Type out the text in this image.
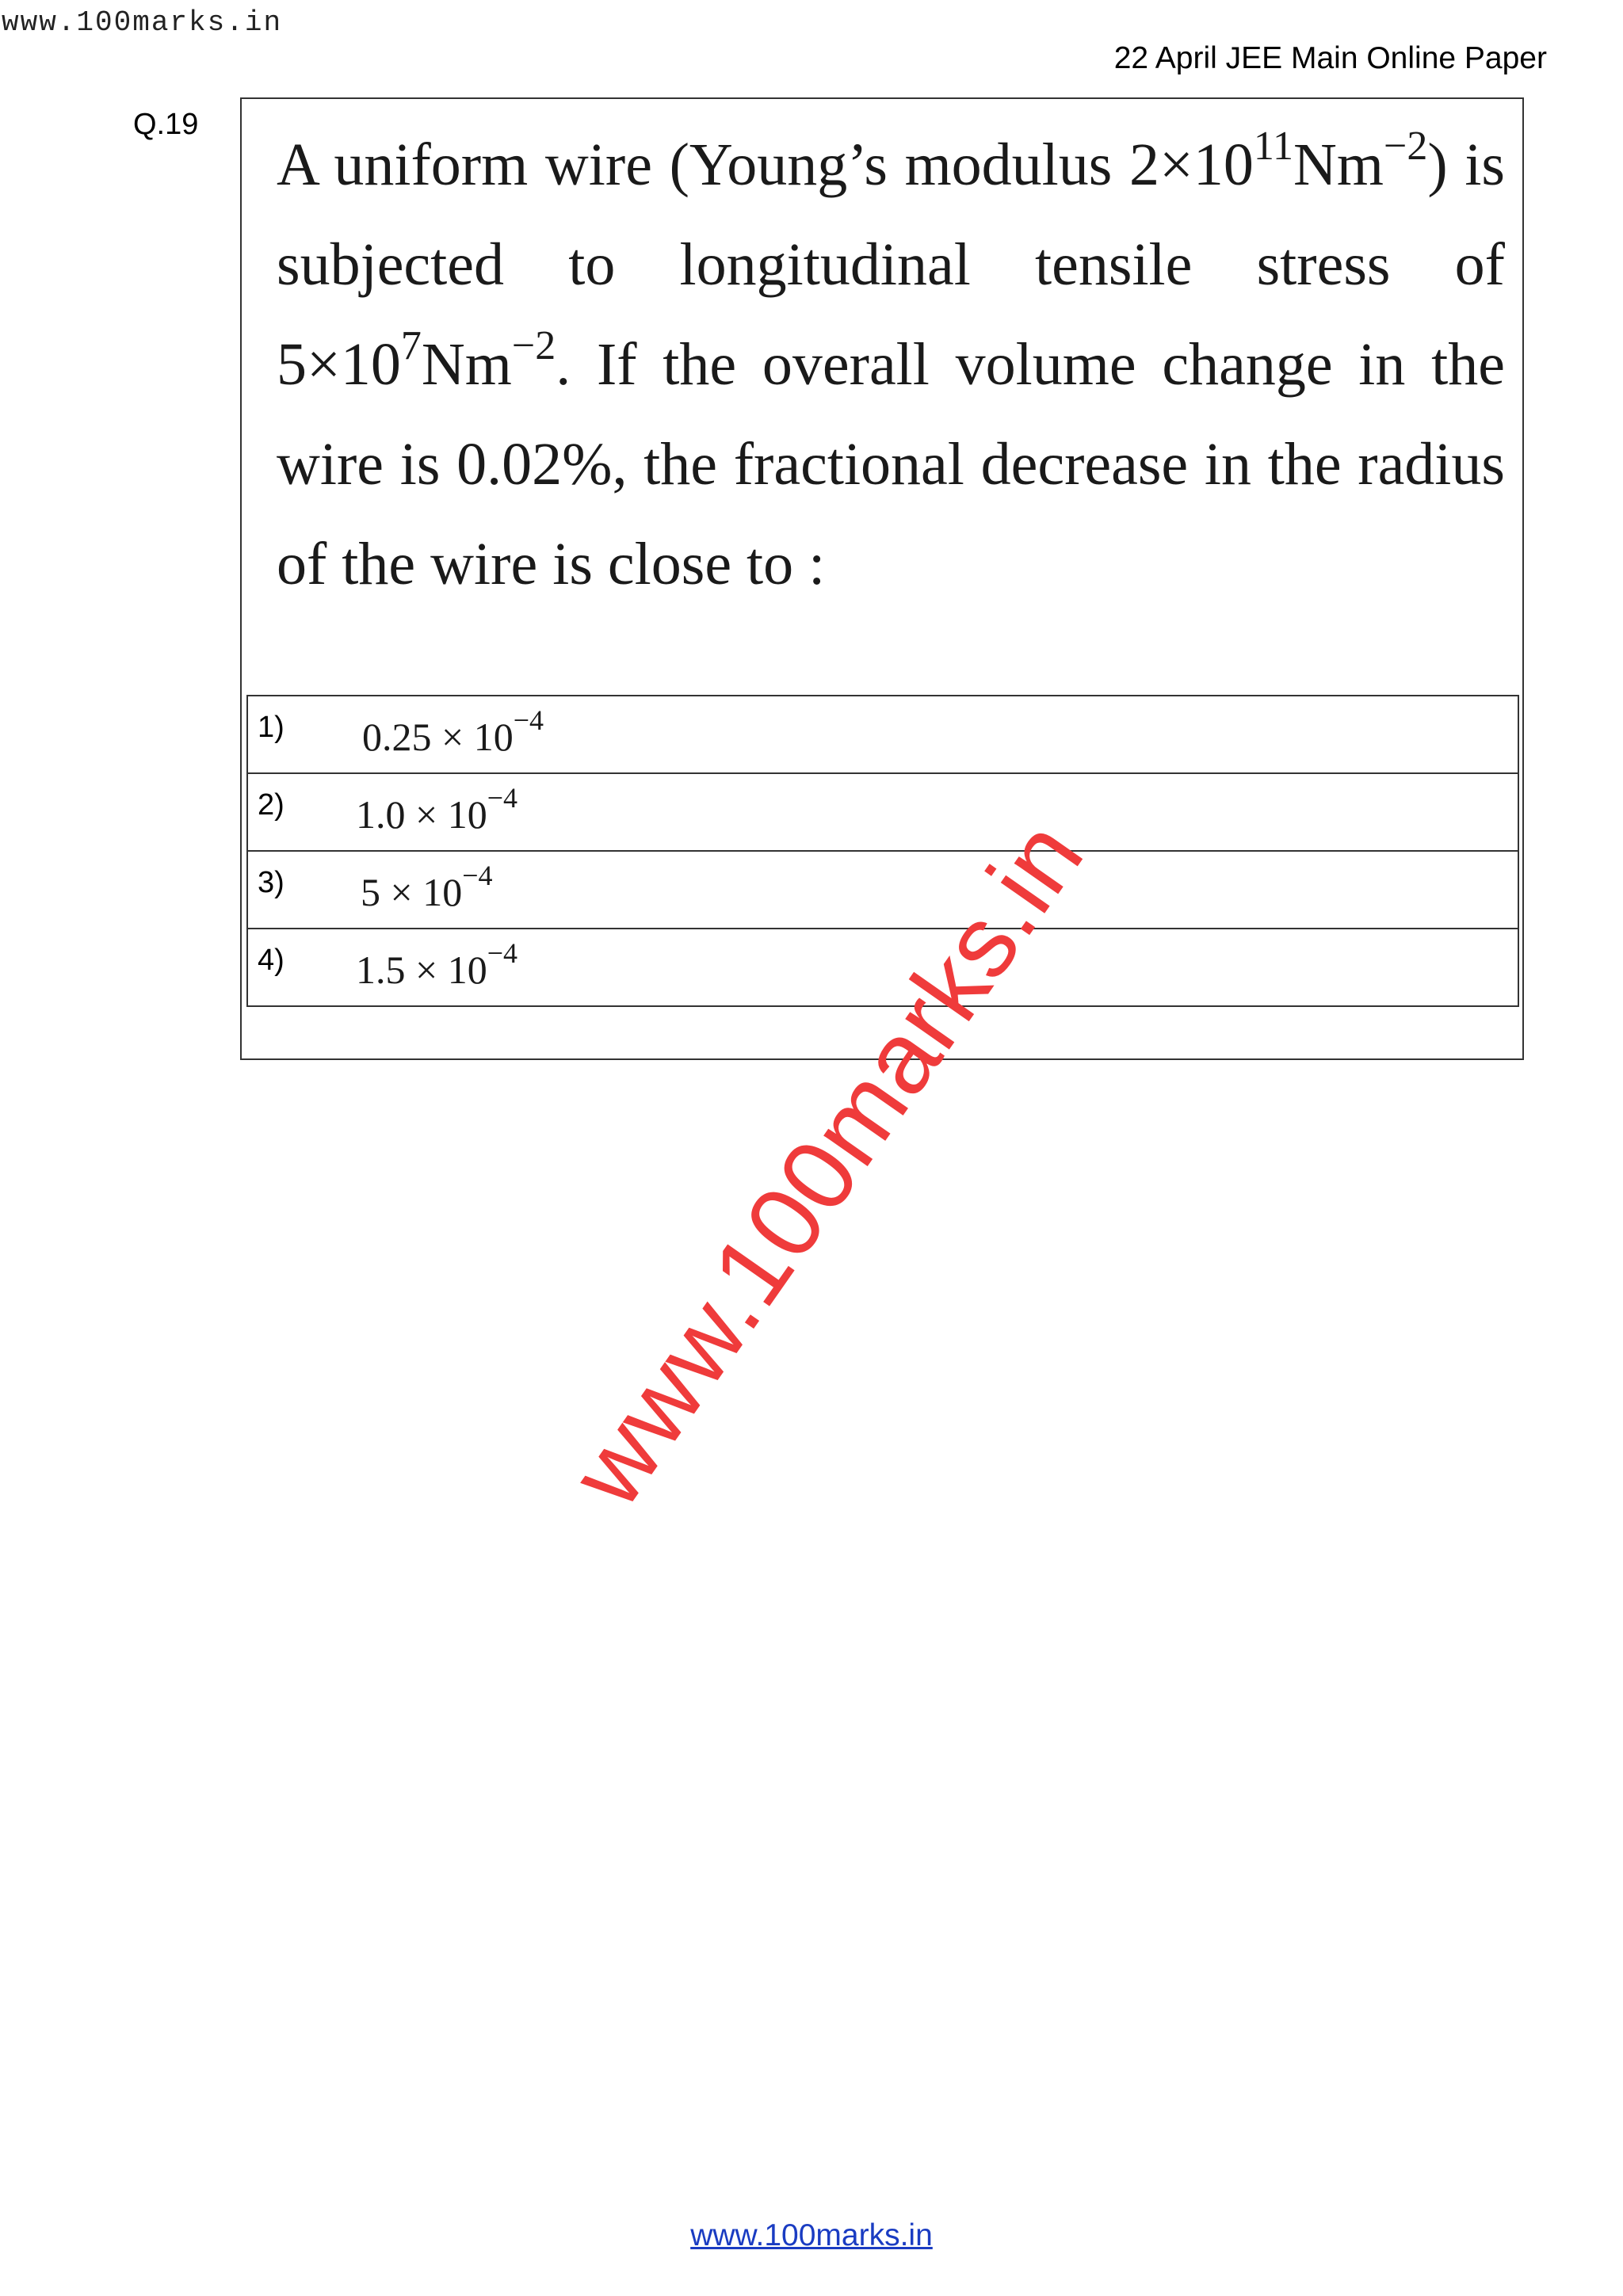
www.100marks.in
22 April JEE Main Online Paper
Q.19
A uniform wire (Young’s modulus $2\times 10^{11}Nm^{-2}$) is subjected to longitudinal tensile stress of $5\times 10^7Nm^{-2}$. If the overall volume change in the wire is 0.02%, the fractional decrease in the radius of the wire is close to :
1) $0.25 \times 10^{-4}$

2) $1.0 \times 10^{-4}$

3) $5 \times 10^{-4}$

4) $1.5 \times 10^{-4}$ www.100marks.in
www.100marks.in
